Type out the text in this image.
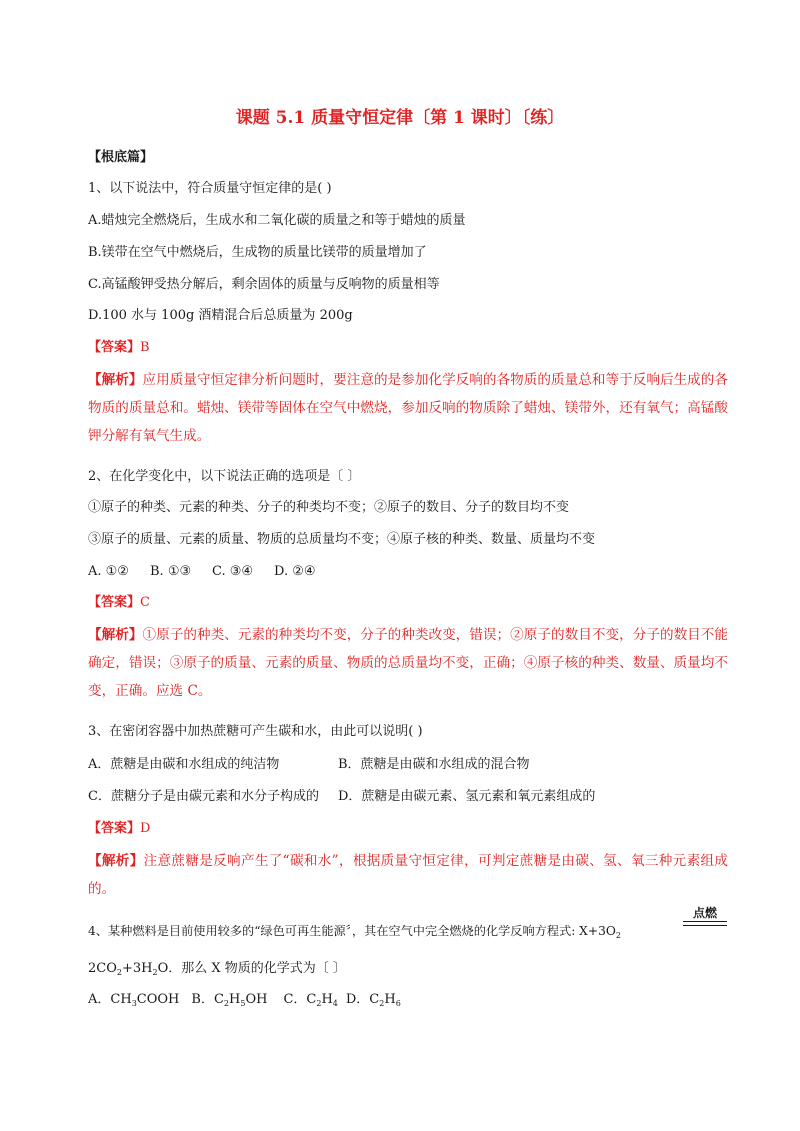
课题 5.1 质量守恒定律〔第 1 课时〕〔练〕
【根底篇】
1、以下说法中，符合质量守恒定律的是( )
A.蜡烛完全燃烧后，生成水和二氧化碳的质量之和等于蜡烛的质量
B.镁带在空气中燃烧后，生成物的质量比镁带的质量增加了
C.高锰酸钾受热分解后，剩余固体的质量与反响物的质量相等
D.100 水与 100g 酒精混合后总质量为 200g
【答案】B
【解析】应用质量守恒定律分析问题时，要注意的是参加化学反响的各物质的质量总和等于反响后生成的各物质的质量总和。蜡烛、镁带等固体在空气中燃烧，参加反响的物质除了蜡烛、镁带外，还有氧气；高锰酸钾分解有氧气生成。
2、在化学变化中，以下说法正确的选项是〔 〕
①原子的种类、元素的种类、分子的种类均不变；②原子的数目、分子的数目均不变
③原子的质量、元素的质量、物质的总质量均不变；④原子核的种类、数量、质量均不变
A. ①② B. ①③ C. ③④ D. ②④
【答案】C
【解析】①原子的种类、元素的种类均不变，分子的种类改变，错误；②原子的数目不变，分子的数目不能确定，错误；③原子的质量、元素的质量、物质的总质量均不变，正确；④原子核的种类、数量、质量均不变，正确。应选 C。
3、在密闭容器中加热蔗糖可产生碳和水，由此可以说明( )
A．蔗糖是由碳和水组成的纯洁物	B．蔗糖是由碳和水组成的混合物
C．蔗糖分子是由碳元素和水分子构成的 D．蔗糖是由碳元素、氢元素和氧元素组成的
【答案】D
【解析】注意蔗糖是反响产生了“碳和水”，根据质量守恒定律，可判定蔗糖是由碳、氢、氧三种元素组成的。
4、某种燃料是目前使用较多的“绿色可再生能源〞，其在空气中完全燃烧的化学反响方程式: $X+3O_2$
点燃
$2CO_2+3H_2O$．那么 X 物质的化学式为〔 〕
A．$CH_3COOH$ B．$C_2H_5OH$ C．$C_2H_4$ D．$C_2H_6$
